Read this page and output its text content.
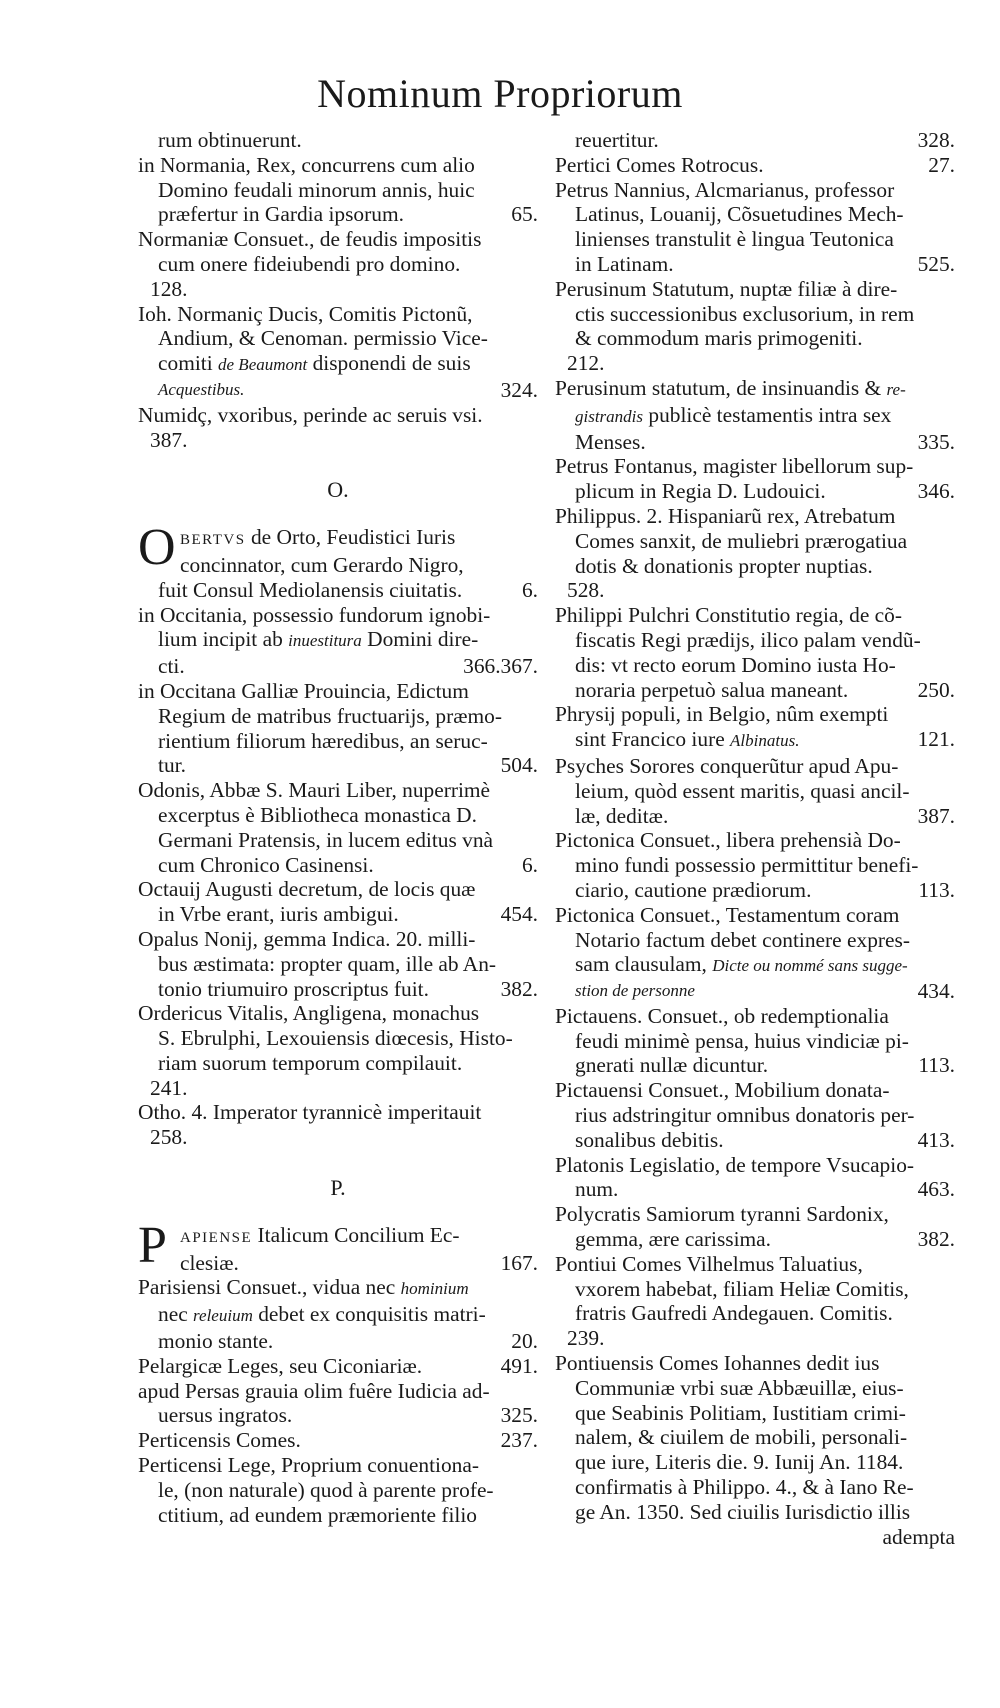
Nominum Propriorum
rum obtinuerunt.
in Normania, Rex, concurrens cum alio
Domino feudali minorum annis, huic
præfertur in Gardia ipsorum.	65.
Normaniæ Consuet., de feudis impositis
cum onere fideiubendi pro domino.
128.
Ioh. Normaniç Ducis, Comitis Pictonũ,
Andium, & Cenoman. permissio Vice-
comiti de Beaumont disponendi de suis
Acquestibus.	324.
Numidç, vxoribus, perinde ac seruis vsi.
387.
O.
O BERTVS de Orto, Feudistici Iuris
concinnator, cum Gerardo Nigro,
fuit Consul Mediolanensis ciuitatis.	6.
in Occitania, possessio fundorum ignobi-
lium incipit ab inuestitura Domini dire-
cti.	366.367.
in Occitana Galliæ Prouincia, Edictum
Regium de matribus fructuarijs, præmo-
rientium filiorum hæredibus, an seruc-
tur.	504.
Odonis, Abbæ S. Mauri Liber, nuperrimè
excerptus è Bibliotheca monastica D.
Germani Pratensis, in lucem editus vnà
cum Chronico Casinensi.	6.
Octauij Augusti decretum, de locis quæ
in Vrbe erant, iuris ambigui.	454.
Opalus Nonij, gemma Indica. 20. milli-
bus æstimata: propter quam, ille ab An-
tonio triumuiro proscriptus fuit.	382.
Ordericus Vitalis, Angligena, monachus
S. Ebrulphi, Lexouiensis diœcesis, Histo-
riam suorum temporum compilauit.
241.
Otho. 4. Imperator tyrannicè imperitauit
258.
P.
P APIENSE Italicum Concilium Ec-
clesiæ.	167.
Parisiensi Consuet., vidua nec hominium
nec releuium debet ex conquisitis matri-
monio stante.	20.
Pelargicæ Leges, seu Ciconiariæ.	491.
apud Persas grauia olim fuêre Iudicia ad-
uersus ingratos.	325.
Perticensis Comes.	237.
Perticensi Lege, Proprium conuentiona-
le, (non naturale) quod à parente profe-
ctitium, ad eundem præmoriente filio
reuertitur.	328.
Pertici Comes Rotrocus.	27.
Petrus Nannius, Alcmarianus, professor
Latinus, Louanij, Cõsuetudines Mech-
linienses transtulit è lingua Teutonica
in Latinam.	525.
Perusinum Statutum, nuptæ filiæ à dire-
ctis successionibus exclusorium, in rem
& commodum maris primogeniti.
212.
Perusinum statutum, de insinuandis & re-
gistrandis publicè testamentis intra sex
Menses.	335.
Petrus Fontanus, magister libellorum sup-
plicum in Regia D. Ludouici.	346.
Philippus. 2. Hispaniarũ rex, Atrebatum
Comes sanxit, de muliebri prærogatiua
dotis & donationis propter nuptias.
528.
Philippi Pulchri Constitutio regia, de cõ-
fiscatis Regi prædijs, ilico palam vendũ-
dis: vt recto eorum Domino iusta Ho-
noraria perpetuò salua maneant.	250.
Phrysij populi, in Belgio, nûm exempti
sint Francico iure Albinatus.	121.
Psyches Sorores conquerũtur apud Apu-
leium, quòd essent maritis, quasi ancil-
læ, deditæ.	387.
Pictonica Consuet., libera prehensià Do-
mino fundi possessio permittitur benefi-
ciario, cautione prædiorum.	113.
Pictonica Consuet., Testamentum coram
Notario factum debet continere expres-
sam clausulam, Dicte ou nommé sans sugge-
stion de personne	434.
Pictauens. Consuet., ob redemptionalia
feudi minimè pensa, huius vindiciæ pi-
gnerati nullæ dicuntur.	113.
Pictauensi Consuet., Mobilium donata-
rius adstringitur omnibus donatoris per-
sonalibus debitis.	413.
Platonis Legislatio, de tempore Vsucapio-
num.	463.
Polycratis Samiorum tyranni Sardonix,
gemma, ære carissima.	382.
Pontiui Comes Vilhelmus Taluatius,
vxorem habebat, filiam Heliæ Comitis,
fratris Gaufredi Andegauen. Comitis.
239.
Pontiuensis Comes Iohannes dedit ius
Communiæ vrbi suæ Abbæuillæ, eius-
que Seabinis Politiam, Iustitiam crimi-
nalem, & ciuilem de mobili, personali-
que iure, Literis die. 9. Iunij An. 1184.
confirmatis à Philippo. 4., & à Iano Re-
ge An. 1350. Sed ciuilis Iurisdictio illis
adempta
